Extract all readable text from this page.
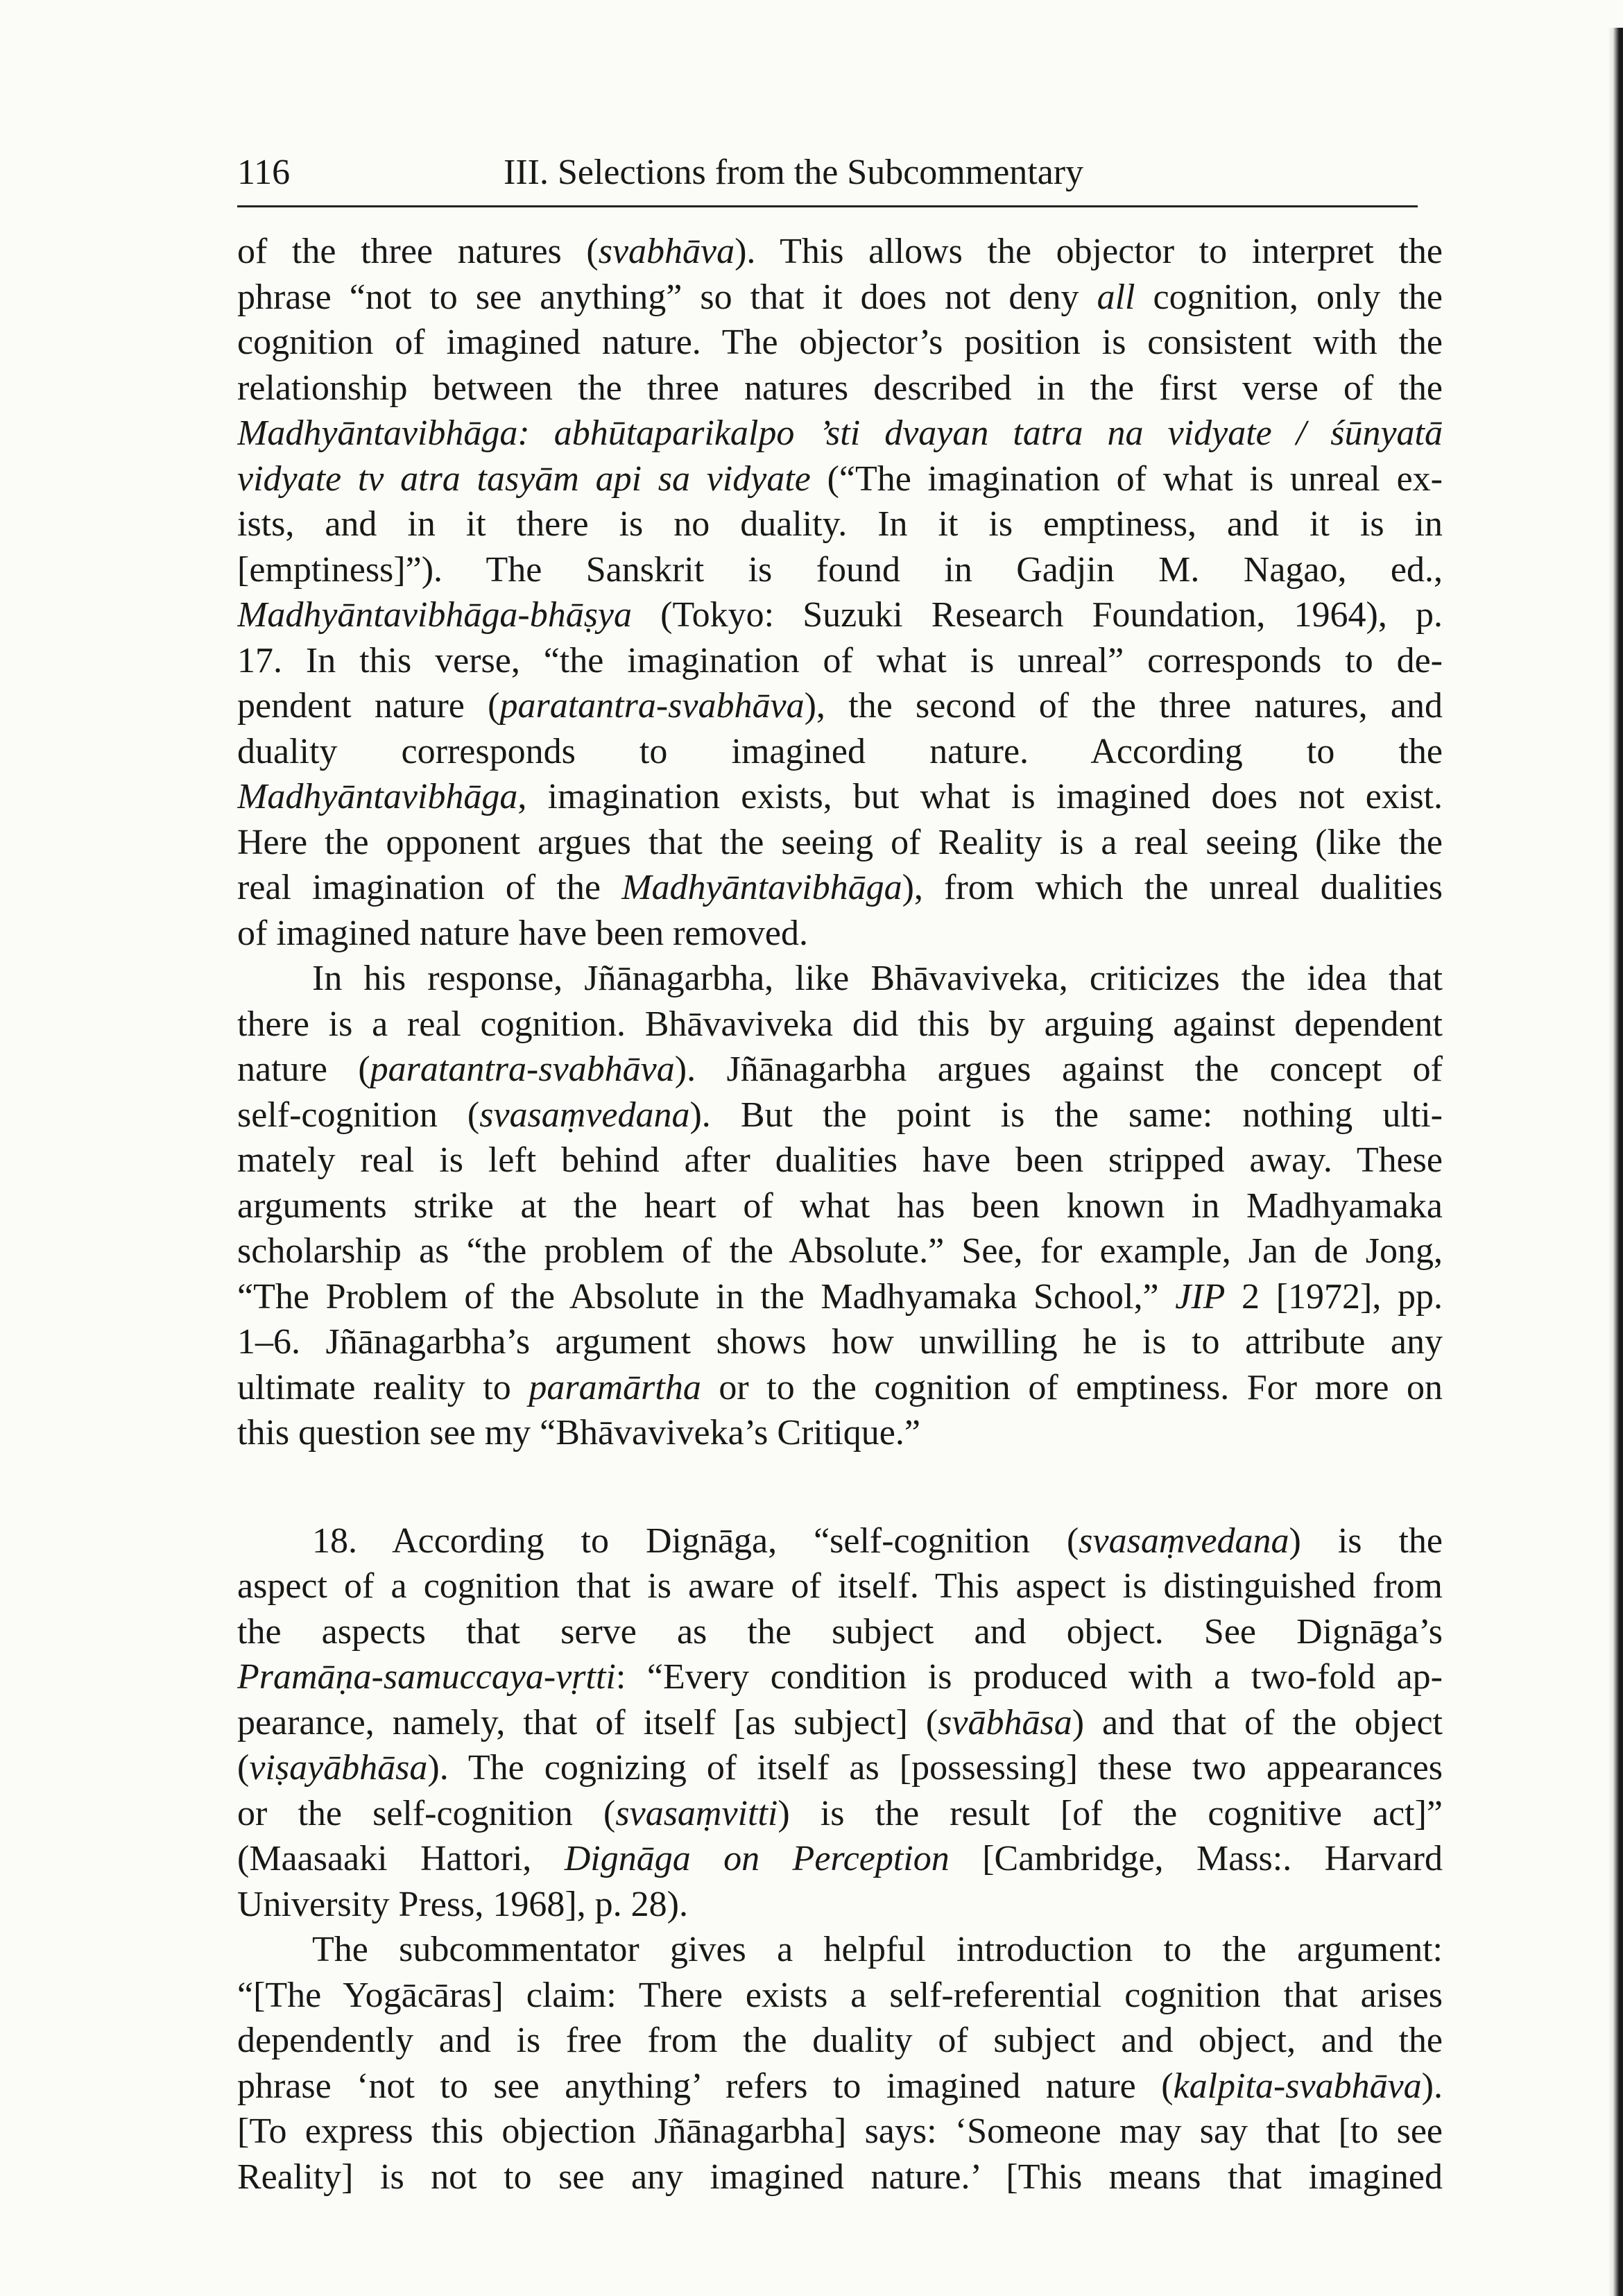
116	III. Selections from the Subcommentary
of the three natures (svabhāva). This allows the objector to interpret the
phrase “not to see anything” so that it does not deny all cognition, only the
cognition of imagined nature. The objector’s position is consistent with the
relationship between the three natures described in the first verse of the
Madhyāntavibhāga: abhūtaparikalpo ’sti dvayan tatra na vidyate / śūnyatā
vidyate tv atra tasyām api sa vidyate (“The imagination of what is unreal ex-
ists, and in it there is no duality. In it is emptiness, and it is in
[emptiness]”). The Sanskrit is found in Gadjin M. Nagao, ed.,
Madhyāntavibhāga-bhāṣya (Tokyo: Suzuki Research Foundation, 1964), p.
17. In this verse, “the imagination of what is unreal” corresponds to de-
pendent nature (paratantra-svabhāva), the second of the three natures, and
duality corresponds to imagined nature. According to the
Madhyāntavibhāga, imagination exists, but what is imagined does not exist.
Here the opponent argues that the seeing of Reality is a real seeing (like the
real imagination of the Madhyāntavibhāga), from which the unreal dualities
of imagined nature have been removed.
In his response, Jñānagarbha, like Bhāvaviveka, criticizes the idea that
there is a real cognition. Bhāvaviveka did this by arguing against dependent
nature (paratantra-svabhāva). Jñānagarbha argues against the concept of
self-cognition (svasaṃvedana). But the point is the same: nothing ulti-
mately real is left behind after dualities have been stripped away. These
arguments strike at the heart of what has been known in Madhyamaka
scholarship as “the problem of the Absolute.” See, for example, Jan de Jong,
“The Problem of the Absolute in the Madhyamaka School,” JIP 2 [1972], pp.
1–6. Jñānagarbha’s argument shows how unwilling he is to attribute any
ultimate reality to paramārtha or to the cognition of emptiness. For more on
this question see my “Bhāvaviveka’s Critique.”
18. According to Dignāga, “self-cognition (svasaṃvedana) is the
aspect of a cognition that is aware of itself. This aspect is distinguished from
the aspects that serve as the subject and object. See Dignāga’s
Pramāṇa-samuccaya-vṛtti: “Every condition is produced with a two-fold ap-
pearance, namely, that of itself [as subject] (svābhāsa) and that of the object
(viṣayābhāsa). The cognizing of itself as [possessing] these two appearances
or the self-cognition (svasaṃvitti) is the result [of the cognitive act]”
(Maasaaki Hattori, Dignāga on Perception [Cambridge, Mass:. Harvard
University Press, 1968], p. 28).
The subcommentator gives a helpful introduction to the argument:
“[The Yogācāras] claim: There exists a self-referential cognition that arises
dependently and is free from the duality of subject and object, and the
phrase ‘not to see anything’ refers to imagined nature (kalpita-svabhāva).
[To express this objection Jñānagarbha] says: ‘Someone may say that [to see
Reality] is not to see any imagined nature.’ [This means that imagined
